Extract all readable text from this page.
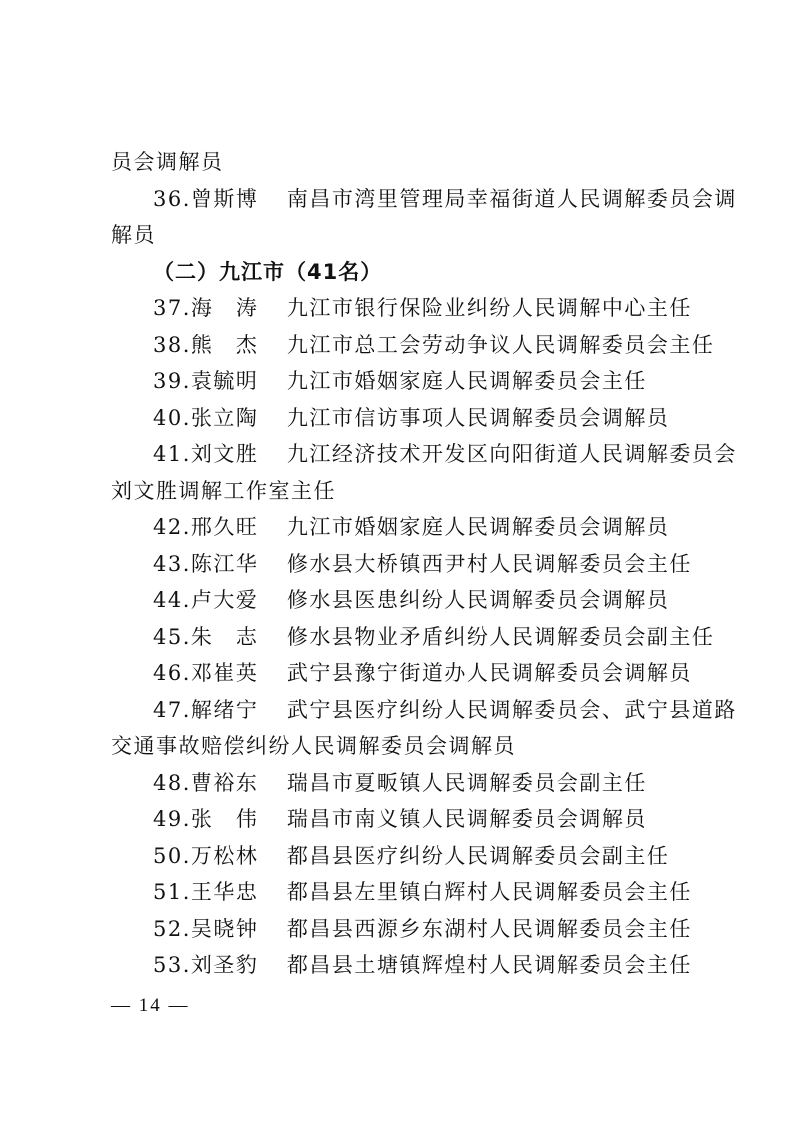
员会调解员
36.曾斯博 南昌市湾里管理局幸福街道人民调解委员会调
解员
（二）九江市（41名）
37.海　涛 九江市银行保险业纠纷人民调解中心主任
38.熊　杰 九江市总工会劳动争议人民调解委员会主任
39.袁毓明 九江市婚姻家庭人民调解委员会主任
40.张立陶 九江市信访事项人民调解委员会调解员
41.刘文胜 九江经济技术开发区向阳街道人民调解委员会
刘文胜调解工作室主任
42.邢久旺 九江市婚姻家庭人民调解委员会调解员
43.陈江华 修水县大桥镇西尹村人民调解委员会主任
44.卢大爱 修水县医患纠纷人民调解委员会调解员
45.朱　志 修水县物业矛盾纠纷人民调解委员会副主任
46.邓崔英 武宁县豫宁街道办人民调解委员会调解员
47.解绪宁 武宁县医疗纠纷人民调解委员会、武宁县道路
交通事故赔偿纠纷人民调解委员会调解员
48.曹裕东 瑞昌市夏畈镇人民调解委员会副主任
49.张　伟 瑞昌市南义镇人民调解委员会调解员
50.万松林 都昌县医疗纠纷人民调解委员会副主任
51.王华忠 都昌县左里镇白辉村人民调解委员会主任
52.吴晓钟 都昌县西源乡东湖村人民调解委员会主任
53.刘圣豹 都昌县土塘镇辉煌村人民调解委员会主任
— 14 —
